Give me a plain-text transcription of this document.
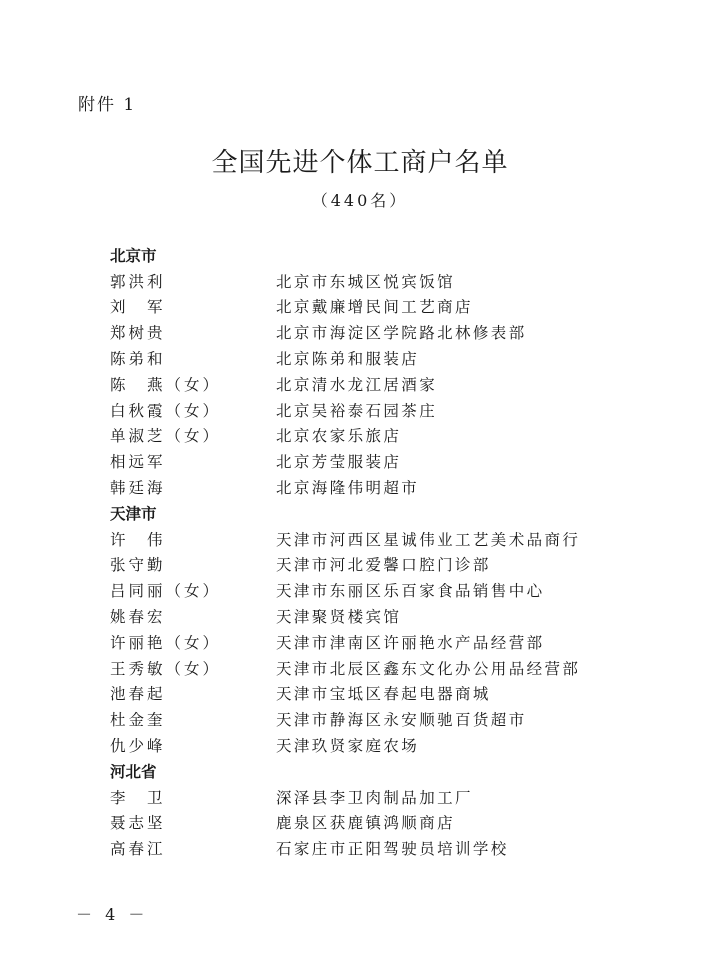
附件 1
全国先进个体工商户名单
（440名）
北京市
郭洪利	北京市东城区悦宾饭馆
刘　军	北京戴廉增民间工艺商店
郑树贵	北京市海淀区学院路北林修表部
陈弟和	北京陈弟和服装店
陈　燕（女）	北京清水龙江居酒家
白秋霞（女）	北京吴裕泰石园茶庄
单淑芝（女）	北京农家乐旅店
相远军	北京芳莹服装店
韩廷海	北京海隆伟明超市
天津市
许　伟	天津市河西区星诚伟业工艺美术品商行
张守勤	天津市河北爱馨口腔门诊部
吕同丽（女）	天津市东丽区乐百家食品销售中心
姚春宏	天津聚贤楼宾馆
许丽艳（女）	天津市津南区许丽艳水产品经营部
王秀敏（女）	天津市北辰区鑫东文化办公用品经营部
池春起	天津市宝坻区春起电器商城
杜金奎	天津市静海区永安顺驰百货超市
仇少峰	天津玖贤家庭农场
河北省
李　卫	深泽县李卫肉制品加工厂
聂志坚	鹿泉区获鹿镇鸿顺商店
高春江	石家庄市正阳驾驶员培训学校
－ 4 －
